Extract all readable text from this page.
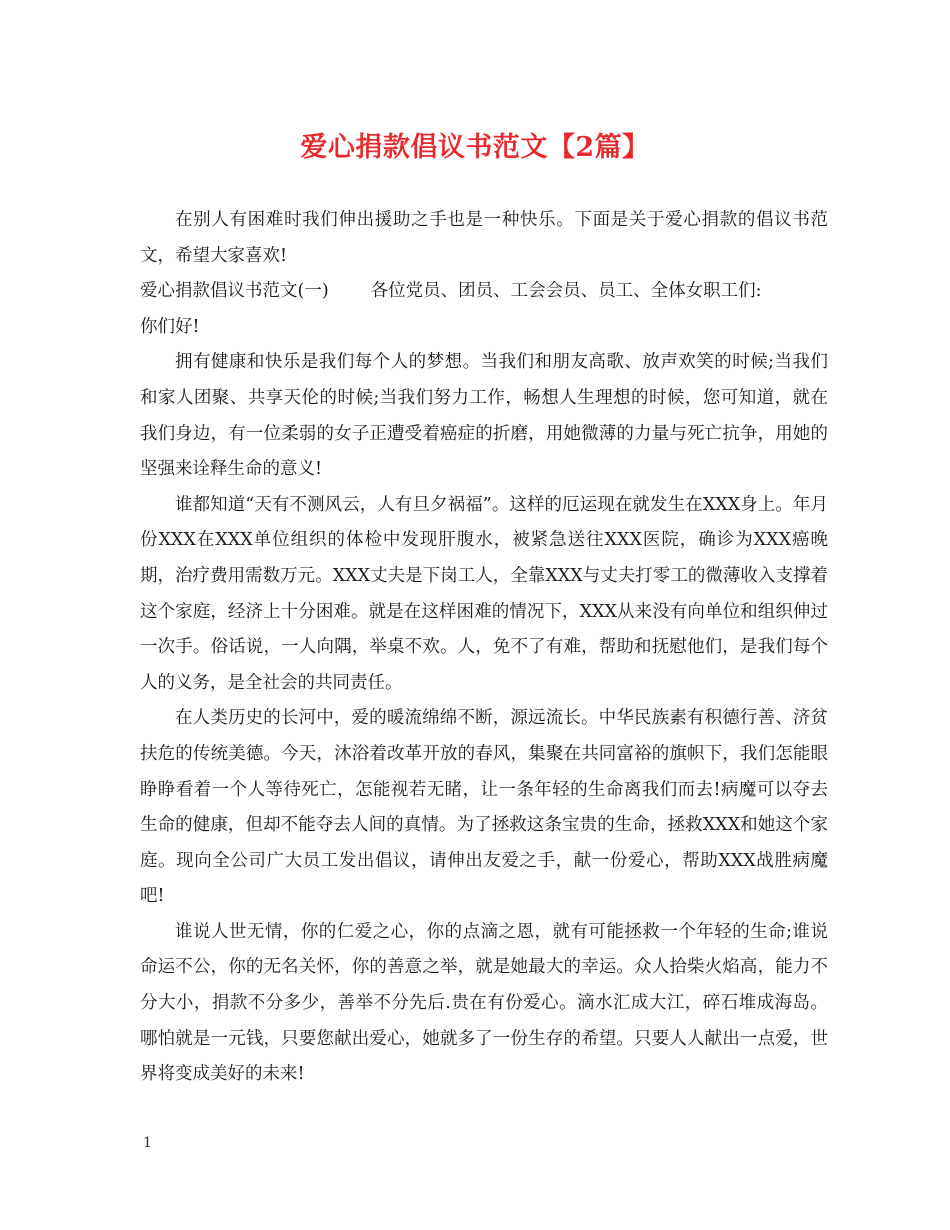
爱心捐款倡议书范文【2篇】

在别人有困难时我们伸出援助之手也是一种快乐。下面是关于爱心捐款的倡议书范文，希望大家喜欢!

爱心捐款倡议书范文(一) 各位党员、团员、工会会员、员工、全体女职工们:

你们好!

拥有健康和快乐是我们每个人的梦想。当我们和朋友高歌、放声欢笑的时候;当我们和家人团聚、共享天伦的时候;当我们努力工作，畅想人生理想的时候，您可知道，就在我们身边，有一位柔弱的女子正遭受着癌症的折磨，用她微薄的力量与死亡抗争，用她的坚强来诠释生命的意义!

谁都知道“天有不测风云，人有旦夕祸福”。这样的厄运现在就发生在XXX身上。年月份XXX在XXX单位组织的体检中发现肝腹水，被紧急送往XXX医院，确诊为XXX癌晚期，治疗费用需数万元。XXX丈夫是下岗工人，全靠XXX与丈夫打零工的微薄收入支撑着这个家庭，经济上十分困难。就是在这样困难的情况下，XXX从来没有向单位和组织伸过一次手。俗话说，一人向隅，举桌不欢。人，免不了有难，帮助和抚慰他们，是我们每个人的义务，是全社会的共同责任。

在人类历史的长河中，爱的暖流绵绵不断，源远流长。中华民族素有积德行善、济贫扶危的传统美德。今天，沐浴着改革开放的春风，集聚在共同富裕的旗帜下，我们怎能眼睁睁看着一个人等待死亡，怎能视若无睹，让一条年轻的生命离我们而去!病魔可以夺去生命的健康，但却不能夺去人间的真情。为了拯救这条宝贵的生命，拯救XXX和她这个家庭。现向全公司广大员工发出倡议，请伸出友爱之手，献一份爱心，帮助XXX战胜病魔吧!

谁说人世无情，你的仁爱之心，你的点滴之恩，就有可能拯救一个年轻的生命;谁说命运不公，你的无名关怀，你的善意之举，就是她最大的幸运。众人拾柴火焰高，能力不分大小，捐款不分多少，善举不分先后.贵在有份爱心。滴水汇成大江，碎石堆成海岛。哪怕就是一元钱，只要您献出爱心，她就多了一份生存的希望。只要人人献出一点爱，世界将变成美好的未来!

1
